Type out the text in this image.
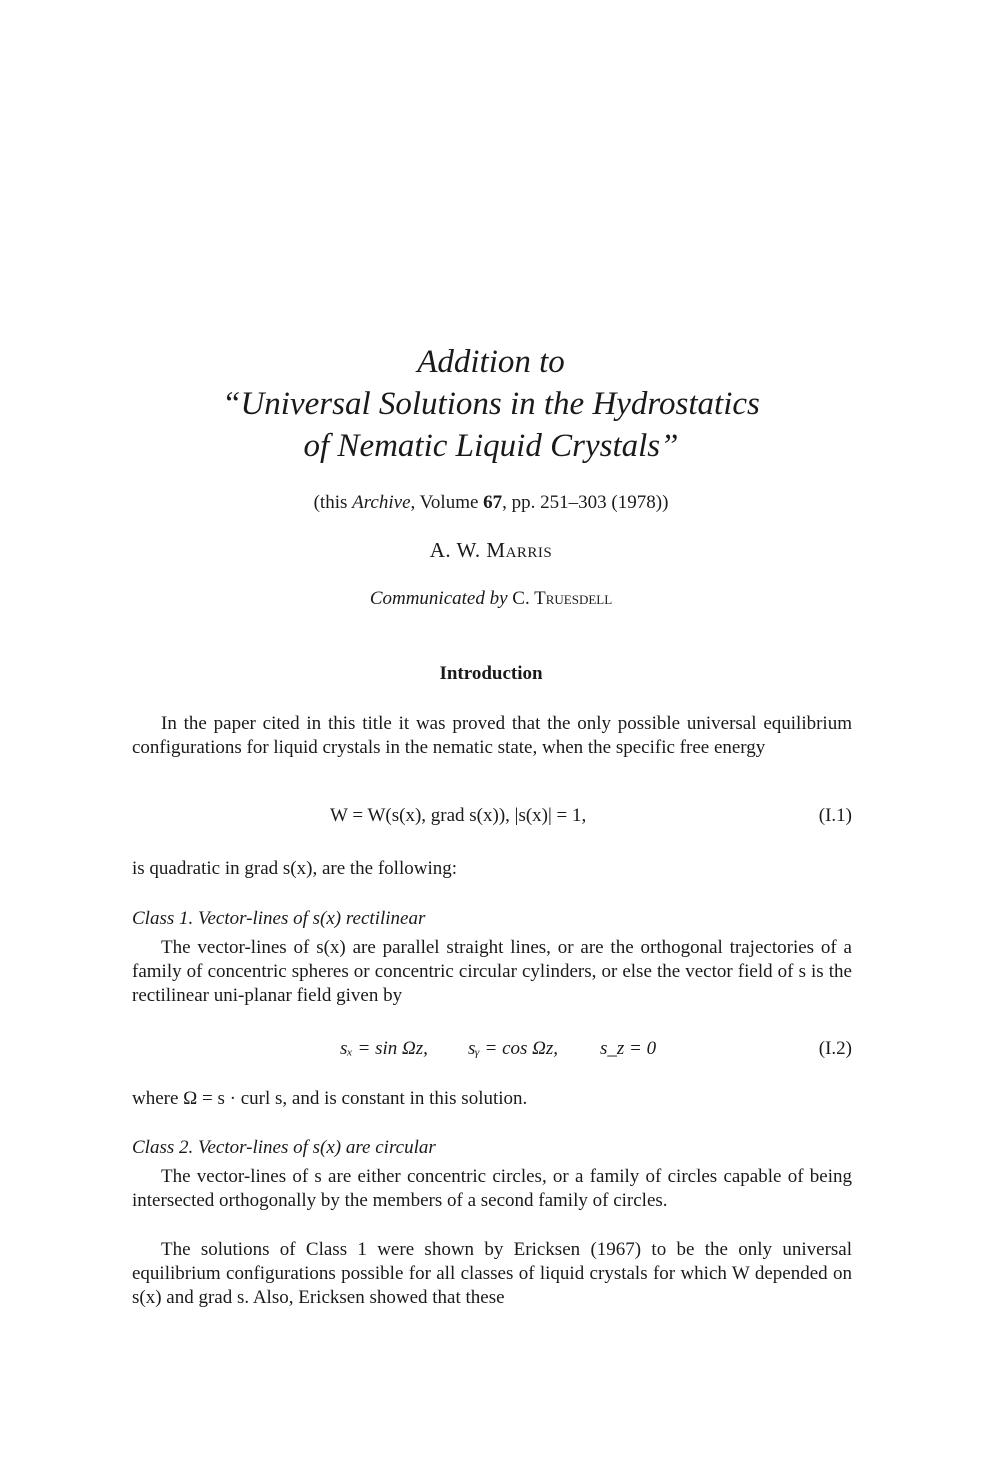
Addition to
“Universal Solutions in the Hydrostatics
of Nematic Liquid Crystals”
(this Archive, Volume 67, pp. 251–303 (1978))
A. W. Marris
Communicated by C. Truesdell
Introduction
In the paper cited in this title it was proved that the only possible universal equilibrium configurations for liquid crystals in the nematic state, when the specific free energy
W = W(s(x), grad s(x)), |s(x)| = 1,	(I.1)
is quadratic in grad s(x), are the following:
Class 1. Vector-lines of s(x) rectilinear
The vector-lines of s(x) are parallel straight lines, or are the orthogonal trajectories of a family of concentric spheres or concentric circular cylinders, or else the vector field of s is the rectilinear uni-planar field given by
sₓ = sin Ωz, sᵧ = cos Ωz, s_z = 0	(I.2)
where Ω = s · curl s, and is constant in this solution.
Class 2. Vector-lines of s(x) are circular
The vector-lines of s are either concentric circles, or a family of circles capable of being intersected orthogonally by the members of a second family of circles.
The solutions of Class 1 were shown by Ericksen (1967) to be the only universal equilibrium configurations possible for all classes of liquid crystals for which W depended on s(x) and grad s. Also, Ericksen showed that these
